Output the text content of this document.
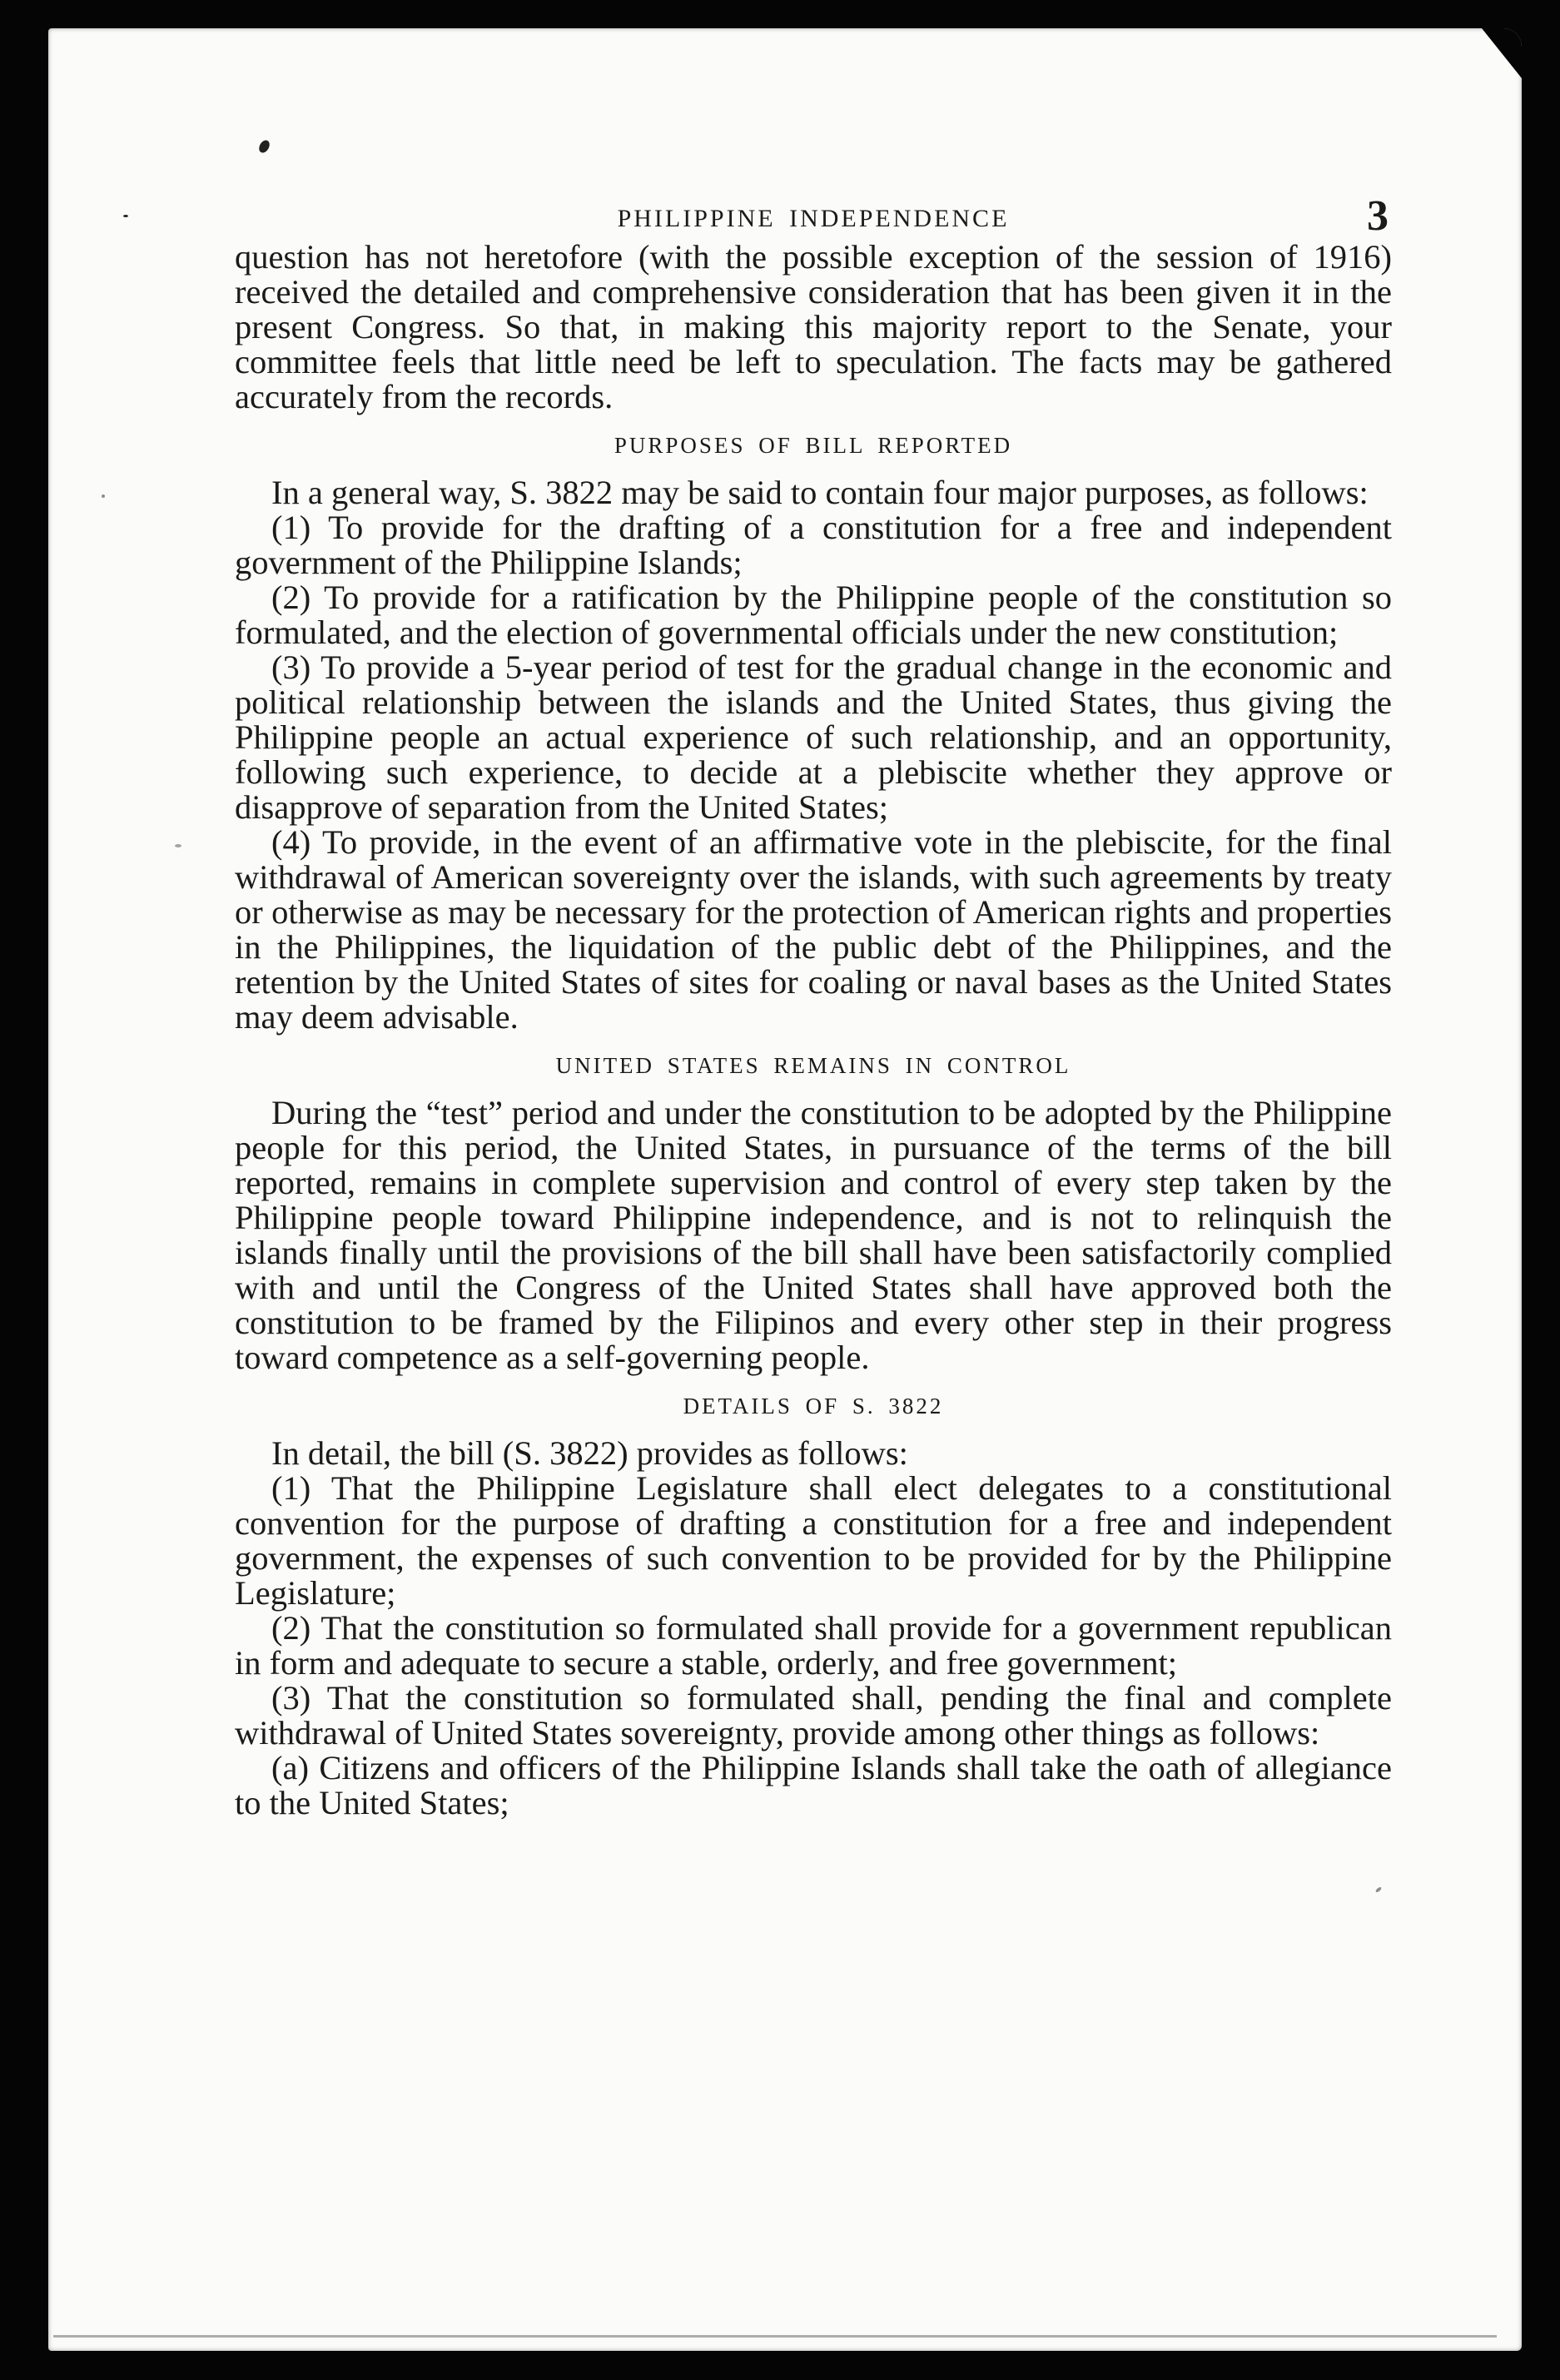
PHILIPPINE INDEPENDENCE	3

question has not heretofore (with the possible exception of the session of 1916) received the detailed and comprehensive consideration that has been given it in the present Congress. So that, in making this majority report to the Senate, your committee feels that little need be left to speculation. The facts may be gathered accurately from the records.

PURPOSES OF BILL REPORTED

In a general way, S. 3822 may be said to contain four major purposes, as follows:

(1) To provide for the drafting of a constitution for a free and independent government of the Philippine Islands;

(2) To provide for a ratification by the Philippine people of the constitution so formulated, and the election of governmental officials under the new constitution;

(3) To provide a 5-year period of test for the gradual change in the economic and political relationship between the islands and the United States, thus giving the Philippine people an actual experience of such relationship, and an opportunity, following such experience, to decide at a plebiscite whether they approve or disapprove of separation from the United States;

(4) To provide, in the event of an affirmative vote in the plebiscite, for the final withdrawal of American sovereignty over the islands, with such agreements by treaty or otherwise as may be necessary for the protection of American rights and properties in the Philippines, the liquidation of the public debt of the Philippines, and the retention by the United States of sites for coaling or naval bases as the United States may deem advisable.

UNITED STATES REMAINS IN CONTROL

During the “test” period and under the constitution to be adopted by the Philippine people for this period, the United States, in pursuance of the terms of the bill reported, remains in complete supervision and control of every step taken by the Philippine people toward Philippine independence, and is not to relinquish the islands finally until the provisions of the bill shall have been satisfactorily complied with and until the Congress of the United States shall have approved both the constitution to be framed by the Filipinos and every other step in their progress toward competence as a self-governing people.

DETAILS OF S. 3822

In detail, the bill (S. 3822) provides as follows:

(1) That the Philippine Legislature shall elect delegates to a constitutional convention for the purpose of drafting a constitution for a free and independent government, the expenses of such convention to be provided for by the Philippine Legislature;

(2) That the constitution so formulated shall provide for a government republican in form and adequate to secure a stable, orderly, and free government;

(3) That the constitution so formulated shall, pending the final and complete withdrawal of United States sovereignty, provide among other things as follows:

(a) Citizens and officers of the Philippine Islands shall take the oath of allegiance to the United States;
